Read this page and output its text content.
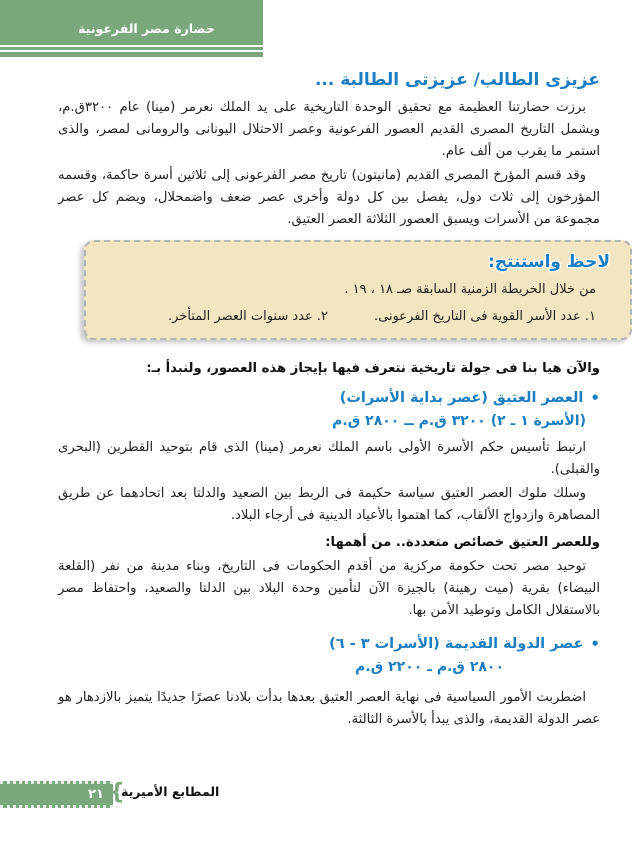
حضارة مصر الفرعونية
عزيزى الطالب/ عزيزتى الطالبة ...

برزت حضارتنا العظيمة مع تحقيق الوحدة التاريخية على يد الملك نعرمر (مينا) عام ٣٢٠٠ق.م، ويشمل التاريخ المصرى القديم العصور الفرعونية وعصر الاحتلال اليونانى والرومانى لمصر، والذى استمر ما يقرب من ألف عام.

وقد قسم المؤرخ المصرى القديم (مانيتون) تاريخ مصر الفرعونى إلى ثلاثين أسرة حاكمة، وقسمه المؤرخون إلى ثلاث دول، يفصل بين كل دولة وأخرى عصر ضعف واضمحلال، ويضم كل عصر مجموعة من الأسرات ويسبق العصور الثلاثة العصر العتيق.

لاحظ واستنتج:
من خلال الخريطة الزمنية السابقة صـ ١٨ ، ١٩ .
١. عدد الأسر القوية فى التاريخ الفرعونى.
٢. عدد سنوات العصر المتأخر.
والآن هيا بنا فى جولة تاريخية نتعرف فيها بإيجاز هذه العصور، ولنبدأ بـ:
•
العصر العتيق (عصر بداية الأسرات)
(الأسرة ١ ـ ٢) ٣٢٠٠ ق.م ــ ٢٨٠٠ ق.م

ارتبط تأسيس حكم الأسرة الأولى باسم الملك نعرمر (مينا) الذى قام بتوحيد القطرين (البحرى والقبلى).

وسلك ملوك العصر العتيق سياسة حكيمة فى الربط بين الصعيد والدلتا بعد اتحادهما عن طريق المصاهرة وازدواج الألقاب، كما اهتموا بالأعياد الدينية فى أرجاء البلاد.

وللعصر العتيق خصائص متعددة.. من أهمها:

توحيد مصر تحت حكومة مركزية من أقدم الحكومات فى التاريخ، وبناء مدينة من نفر (القلعة البيضاء) بقرية (ميت رهينة) بالجيزة الآن لتأمين وحدة البلاد بين الدلتا والصعيد، واحتفاظ مصر بالاستقلال الكامل وتوطيد الأمن بها.

•
عصر الدولة القديمة (الأسرات ٣ - ٦)
٢٨٠٠ ق.م ـ ٢٢٠٠ ق.م

اضطربت الأمور السياسية فى نهاية العصر العتيق بعدها بدأت بلادنا عصرًا جديدًا يتميز بالازدهار هو عصر الدولة القديمة، والذى يبدأ بالأسرة الثالثة.

٢١ {
المطابع الأميرية
